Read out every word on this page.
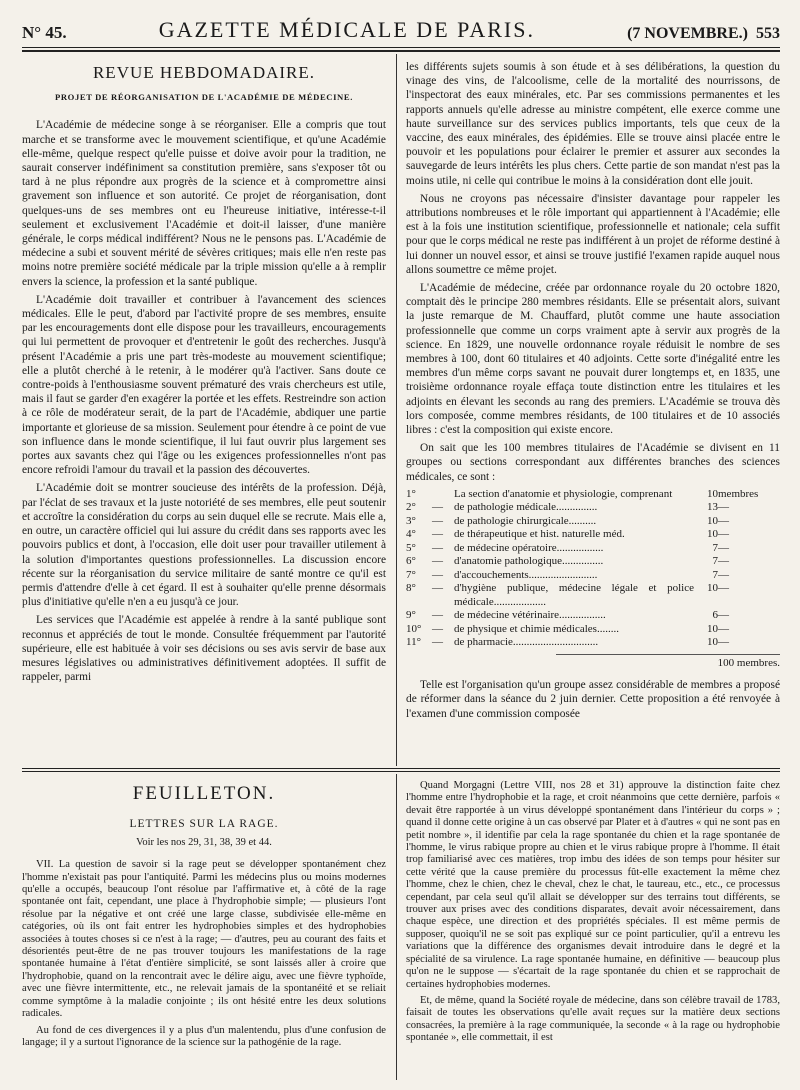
N° 45.	GAZETTE MÉDICALE DE PARIS.	(7 NOVEMBRE.) 553
REVUE HEBDOMADAIRE.
PROJET DE RÉORGANISATION DE L'ACADÉMIE DE MÉDECINE.

L'Académie de médecine songe à se réorganiser. Elle a compris que tout marche et se transforme avec le mouvement scientifique, et qu'une Académie elle-même, quelque respect qu'elle puisse et doive avoir pour la tradition, ne saurait conserver indéfiniment sa constitution première, sans s'exposer tôt ou tard à ne plus répondre aux progrès de la science et à compromettre ainsi gravement son influence et son autorité. Ce projet de réorganisation, dont quelques-uns de ses membres ont eu l'heureuse initiative, intéresse-t-il seulement et exclusivement l'Académie et doit-il laisser, d'une manière générale, le corps médical indifférent? Nous ne le pensons pas. L'Académie de médecine a subi et souvent mérité de sévères critiques; mais elle n'en reste pas moins notre première société médicale par la triple mission qu'elle a à remplir envers la science, la profession et la santé publique.

L'Académie doit travailler et contribuer à l'avancement des sciences médicales. Elle le peut, d'abord par l'activité propre de ses membres, ensuite par les encouragements dont elle dispose pour les travailleurs, encouragements qui lui permettent de provoquer et d'entretenir le goût des recherches. Jusqu'à présent l'Académie a pris une part très-modeste au mouvement scientifique; elle a plutôt cherché à le retenir, à le modérer qu'à l'activer. Sans doute ce contre-poids à l'enthousiasme souvent prématuré des vrais chercheurs est utile, mais il faut se garder d'en exagérer la portée et les effets. Restreindre son action à ce rôle de modérateur serait, de la part de l'Académie, abdiquer une partie importante et glorieuse de sa mission. Seulement pour étendre à ce point de vue son influence dans le monde scientifique, il lui faut ouvrir plus largement ses portes aux savants chez qui l'âge ou les exigences professionnelles n'ont pas encore refroidi l'amour du travail et la passion des découvertes.

L'Académie doit se montrer soucieuse des intérêts de la profession. Déjà, par l'éclat de ses travaux et la juste notoriété de ses membres, elle peut soutenir et accroître la considération du corps au sein duquel elle se recrute. Mais elle a, en outre, un caractère officiel qui lui assure du crédit dans ses rapports avec les pouvoirs publics et dont, à l'occasion, elle doit user pour travailler utilement à la solution d'importantes questions professionnelles. La discussion encore récente sur la réorganisation du service militaire de santé montre ce qu'il est permis d'attendre d'elle à cet égard. Il est à souhaiter qu'elle prenne désormais plus d'initiative qu'elle n'en a eu jusqu'à ce jour.

Les services que l'Académie est appelée à rendre à la santé publique sont reconnus et appréciés de tout le monde. Consultée fréquemment par l'autorité supérieure, elle est habituée à voir ses décisions ou ses avis servir de base aux mesures législatives ou administratives définitivement adoptées. Il suffit de rappeler, parmi

les différents sujets soumis à son étude et à ses délibérations, la question du vinage des vins, de l'alcoolisme, celle de la mortalité des nourrissons, de l'inspectorat des eaux minérales, etc. Par ses commissions permanentes et les rapports annuels qu'elle adresse au ministre compétent, elle exerce comme une haute surveillance sur des services publics importants, tels que ceux de la vaccine, des eaux minérales, des épidémies. Elle se trouve ainsi placée entre le pouvoir et les populations pour éclairer le premier et assurer aux secondes la sauvegarde de leurs intérêts les plus chers. Cette partie de son mandat n'est pas la moins utile, ni celle qui contribue le moins à la considération dont elle jouit.

Nous ne croyons pas nécessaire d'insister davantage pour rappeler les attributions nombreuses et le rôle important qui appartiennent à l'Académie; elle est à la fois une institution scientifique, professionnelle et nationale; cela suffit pour que le corps médical ne reste pas indifférent à un projet de réforme destiné à lui donner un nouvel essor, et ainsi se trouve justifié l'examen rapide auquel nous allons soumettre ce même projet.

L'Académie de médecine, créée par ordonnance royale du 20 octobre 1820, comptait dès le principe 280 membres résidants. Elle se présentait alors, suivant la juste remarque de M. Chauffard, plutôt comme une haute association professionnelle que comme un corps vraiment apte à servir aux progrès de la science. En 1829, une nouvelle ordonnance royale réduisit le nombre de ses membres à 100, dont 60 titulaires et 40 adjoints. Cette sorte d'inégalité entre les membres d'un même corps savant ne pouvait durer longtemps et, en 1835, une troisième ordonnance royale effaça toute distinction entre les titulaires et les adjoints en élevant les seconds au rang des premiers. L'Académie se trouva dès lors composée, comme membres résidants, de 100 titulaires et de 10 associés libres : c'est la composition qui existe encore.

On sait que les 100 membres titulaires de l'Académie se divisent en 11 groupes ou sections correspondant aux différentes branches des sciences médicales, ce sont :

1°		La section d'anatomie et physiologie, comprenant	10	membres
2°	—	de pathologie médicale...............	13	—
3°	—	de pathologie chirurgicale..........	10	—
4°	—	de thérapeutique et hist. naturelle méd.	10	—
5°	—	de médecine opératoire.................	7	—
6°	—	d'anatomie pathologique...............	7	—
7°	—	d'accouchements.........................	7	—
8°	—	d'hygiène publique, médecine légale et police médicale...................	10	—
9°	—	de médecine vétérinaire.................	6	—
10°	—	de physique et chimie médicales........	10	—
11°	—	de pharmacie...............................	10	—
100 membres.

Telle est l'organisation qu'un groupe assez considérable de membres a proposé de réformer dans la séance du 2 juin dernier. Cette proposition a été renvoyée à l'examen d'une commission composée

FEUILLETON.
LETTRES SUR LA RAGE.
Voir les nos 29, 31, 38, 39 et 44.

VII. La question de savoir si la rage peut se développer spontanément chez l'homme n'existait pas pour l'antiquité. Parmi les médecins plus ou moins modernes qu'elle a occupés, beaucoup l'ont résolue par l'affirmative et, à côté de la rage spontanée ont fait, cependant, une place à l'hydrophobie simple; — plusieurs l'ont résolue par la négative et ont créé une large classe, subdivisée elle-même en catégories, où ils ont fait entrer les hydrophobies simples et des hydrophobies associées à toutes choses si ce n'est à la rage; — d'autres, peu au courant des faits et désorientés peut-être de ne pas trouver toujours les manifestations de la rage spontanée humaine à l'état d'entière simplicité, se sont laissés aller à croire que l'hydrophobie, quand on la rencontrait avec le délire aigu, avec une fièvre typhoïde, avec une fièvre intermittente, etc., ne relevait jamais de la spontanéité et se reliait comme symptôme à la maladie conjointe ; ils ont hésité entre les deux solutions radicales.

Au fond de ces divergences il y a plus d'un malentendu, plus d'une confusion de langage; il y a surtout l'ignorance de la science sur la pathogénie de la rage.

Quand Morgagni (Lettre VIII, nos 28 et 31) approuve la distinction faite chez l'homme entre l'hydrophobie et la rage, et croit néanmoins que cette dernière, parfois « devait être rapportée à un virus développé spontanément dans l'intérieur du corps » ; quand il donne cette origine à un cas observé par Plater et à d'autres « qui ne sont pas en petit nombre », il identifie par cela la rage spontanée du chien et la rage spontanée de l'homme, le virus rabique propre au chien et le virus rabique propre à l'homme. Il était trop familiarisé avec ces matières, trop imbu des idées de son temps pour hésiter sur cette vérité que la cause première du processus fût-elle exactement la même chez l'homme, chez le chien, chez le cheval, chez le chat, le taureau, etc., etc., ce processus cependant, par cela seul qu'il allait se développer sur des terrains tout différents, se trouver aux prises avec des conditions disparates, devait avoir nécessairement, dans chaque espèce, une direction et des propriétés spéciales. Il est même permis de supposer, quoiqu'il ne se soit pas expliqué sur ce point particulier, qu'il a entrevu les variations que la différence des organismes devait introduire dans le degré et la spécialité de sa virulence. La rage spontanée humaine, en définitive — beaucoup plus qu'on ne le suppose — s'écartait de la rage spontanée du chien et se rapprochait de certaines hydrophobies modernes.

Et, de même, quand la Société royale de médecine, dans son célèbre travail de 1783, faisait de toutes les observations qu'elle avait reçues sur la matière deux sections consacrées, la première à la rage communiquée, la seconde « à la rage ou hydrophobie spontanée », elle commettait, il est
